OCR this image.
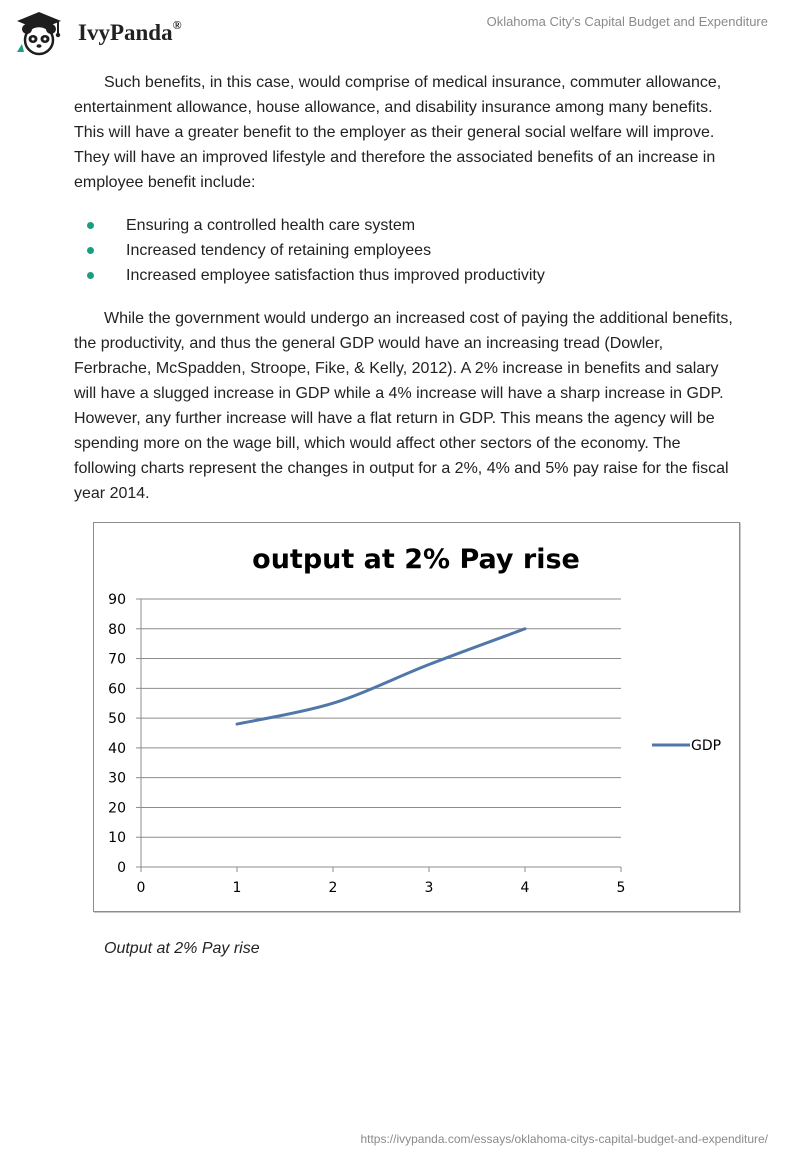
IvyPanda®	Oklahoma City's Capital Budget and Expenditure

Such benefits, in this case, would comprise of medical insurance, commuter allowance, entertainment allowance, house allowance, and disability insurance among many benefits. This will have a greater benefit to the employer as their general social welfare will improve. They will have an improved lifestyle and therefore the associated benefits of an increase in employee benefit include:

Ensuring a controlled health care system
Increased tendency of retaining employees
Increased employee satisfaction thus improved productivity

While the government would undergo an increased cost of paying the additional benefits, the productivity, and thus the general GDP would have an increasing tread (Dowler, Ferbrache, McSpadden, Stroope, Fike, & Kelly, 2012). A 2% increase in benefits and salary will have a slugged increase in GDP while a 4% increase will have a sharp increase in GDP. However, any further increase will have a flat return in GDP. This means the agency will be spending more on the wage bill, which would affect other sectors of the economy. The following charts represent the changes in output for a 2%, 4% and 5% pay raise for the fiscal year 2014.

output at 2% Pay rise
0
10
20
30
40
50
60
70
80
90
0	1	2	3	4	5
GDP
Output at 2% Pay rise
https://ivypanda.com/essays/oklahoma-citys-capital-budget-and-expenditure/
